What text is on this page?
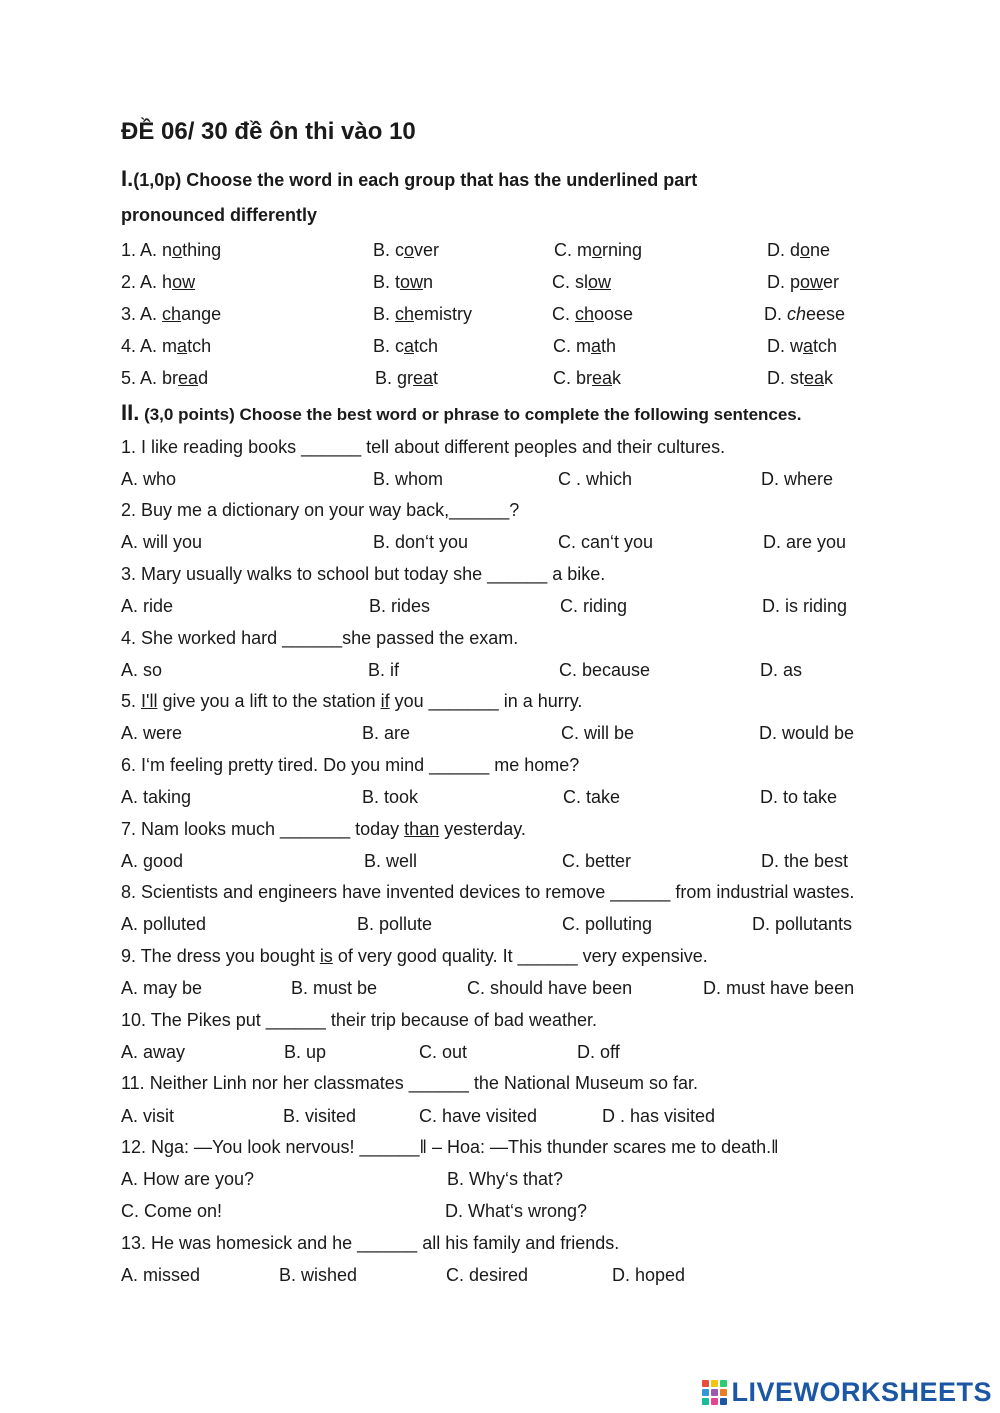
ĐỀ 06/ 30 đề ôn thi vào 10
I.(1,0p) Choose the word in each group that has the underlined part
pronounced differently
1. A. nothing	B. cover	C. morning	D. done
2. A. how	B. town	C. slow	D. power
3. A. change	B. chemistry	C. choose	D. cheese
4. A. match	B. catch	C. math	D. watch
5. A. bread	B. great	C. break	D. steak
II. (3,0 points) Choose the best word or phrase to complete the following sentences.
1. I like reading books ______ tell about different peoples and their cultures.
A. who	B. whom	C . which	D. where
2. Buy me a dictionary on your way back,______?
A. will you	B. don‘t you	C. can‘t you	D. are you
3. Mary usually walks to school but today she ______ a bike.
A. ride	B. rides	C. riding	D. is riding
4. She worked hard ______she passed the exam.
A. so	B. if	C. because	D. as
5. I'll give you a lift to the station if you _______ in a hurry.
A. were	B. are	C. will be	D. would be
6. I‘m feeling pretty tired. Do you mind ______ me home?
A. taking	B. took	C. take	D. to take
7. Nam looks much _______ today than yesterday.
A. good	B. well	C. better	D. the best
8. Scientists and engineers have invented devices to remove ______ from industrial wastes.
A. polluted	B. pollute	C. polluting	D. pollutants
9. The dress you bought is of very good quality. It ______ very expensive.
A. may be	B. must be	C. should have been	D. must have been
10. The Pikes put ______ their trip because of bad weather.
A. away	B. up	C. out	D. off
11. Neither Linh nor her classmates ______ the National Museum so far.
A. visit	B. visited	C. have visited	D . has visited
12. Nga: ―You look nervous! ______‖ – Hoa: ―This thunder scares me to death.‖
A. How are you?	B. Why‘s that?
C. Come on!	D. What‘s wrong?
13. He was homesick and he ______ all his family and friends.
A. missed	B. wished	C. desired	D. hoped
LIVEWORKSHEETS
